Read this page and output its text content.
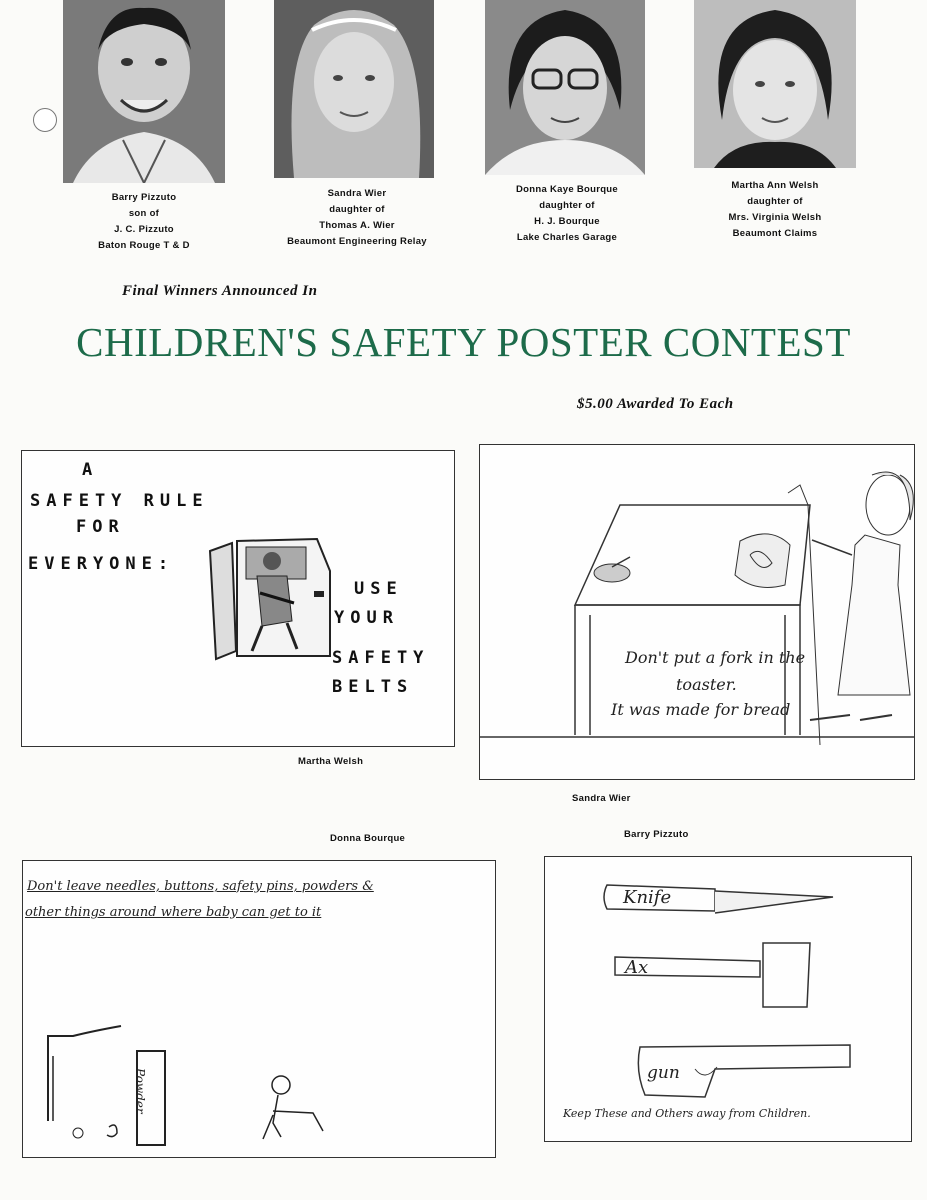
Barry Pizzuto
son of
J. C. Pizzuto
Baton Rouge T & D
Sandra Wier
daughter of
Thomas A. Wier
Beaumont Engineering Relay
Donna Kaye Bourque
daughter of
H. J. Bourque
Lake Charles Garage
Martha Ann Welsh
daughter of
Mrs. Virginia Welsh
Beaumont Claims
Final Winners Announced In
CHILDREN'S SAFETY POSTER CONTEST
$5.00 Awarded To Each
A
SAFETY RULE
FOR
EVERYONE:
USE
YOUR
SAFETY
BELTS
Martha Welsh
Don't put a fork in the
toaster.
It was made for bread
Sandra Wier
Donna Bourque	Barry Pizzuto
Don't leave needles, buttons, safety pins, powders &
other things around where baby can get to it
Powder
Knife
Ax
gun
Keep These and Others away from Children.
